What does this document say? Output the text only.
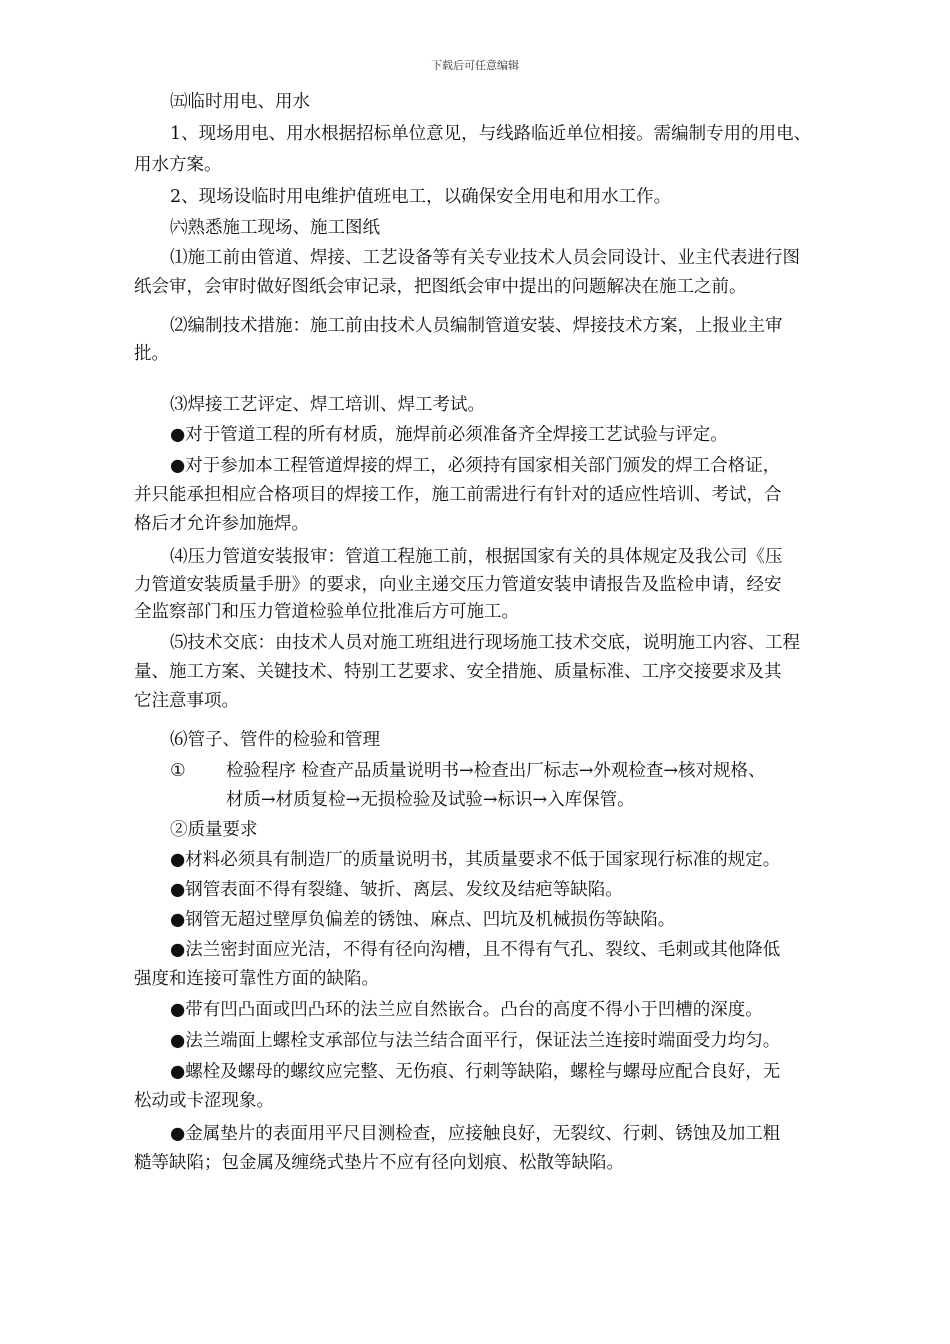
下载后可任意编辑
㈤临时用电、用水
1、现场用电、用水根据招标单位意见，与线路临近单位相接。需编制专用的用电、
用水方案。
2、现场设临时用电维护值班电工，以确保安全用电和用水工作。
㈥熟悉施工现场、施工图纸
⑴施工前由管道、焊接、工艺设备等有关专业技术人员会同设计、业主代表进行图
纸会审，会审时做好图纸会审记录，把图纸会审中提出的问题解决在施工之前。
⑵编制技术措施：施工前由技术人员编制管道安装、焊接技术方案，上报业主审
批。
⑶焊接工艺评定、焊工培训、焊工考试。
●对于管道工程的所有材质，施焊前必须准备齐全焊接工艺试验与评定。
●对于参加本工程管道焊接的焊工，必须持有国家相关部门颁发的焊工合格证，
并只能承担相应合格项目的焊接工作，施工前需进行有针对的适应性培训、考试，合
格后才允许参加施焊。
⑷压力管道安装报审：管道工程施工前，根据国家有关的具体规定及我公司《压
力管道安装质量手册》的要求，向业主递交压力管道安装申请报告及监检申请，经安
全监察部门和压力管道检验单位批准后方可施工。
⑸技术交底：由技术人员对施工班组进行现场施工技术交底，说明施工内容、工程
量、施工方案、关键技术、特别工艺要求、安全措施、质量标准、工序交接要求及其
它注意事项。
⑹管子、管件的检验和管理
① 检验程序 检查产品质量说明书→检查出厂标志→外观检查→核对规格、
材质→材质复检→无损检验及试验→标识→入库保管。
②质量要求
●材料必须具有制造厂的质量说明书，其质量要求不低于国家现行标准的规定。
●钢管表面不得有裂缝、皱折、离层、发纹及结疤等缺陷。
●钢管无超过壁厚负偏差的锈蚀、麻点、凹坑及机械损伤等缺陷。
●法兰密封面应光洁，不得有径向沟槽，且不得有气孔、裂纹、毛刺或其他降低
强度和连接可靠性方面的缺陷。
●带有凹凸面或凹凸环的法兰应自然嵌合。凸台的高度不得小于凹槽的深度。
●法兰端面上螺栓支承部位与法兰结合面平行，保证法兰连接时端面受力均匀。
●螺栓及螺母的螺纹应完整、无伤痕、行刺等缺陷，螺栓与螺母应配合良好，无
松动或卡涩现象。
●金属垫片的表面用平尺目测检查，应接触良好，无裂纹、行刺、锈蚀及加工粗
糙等缺陷；包金属及缠绕式垫片不应有径向划痕、松散等缺陷。
